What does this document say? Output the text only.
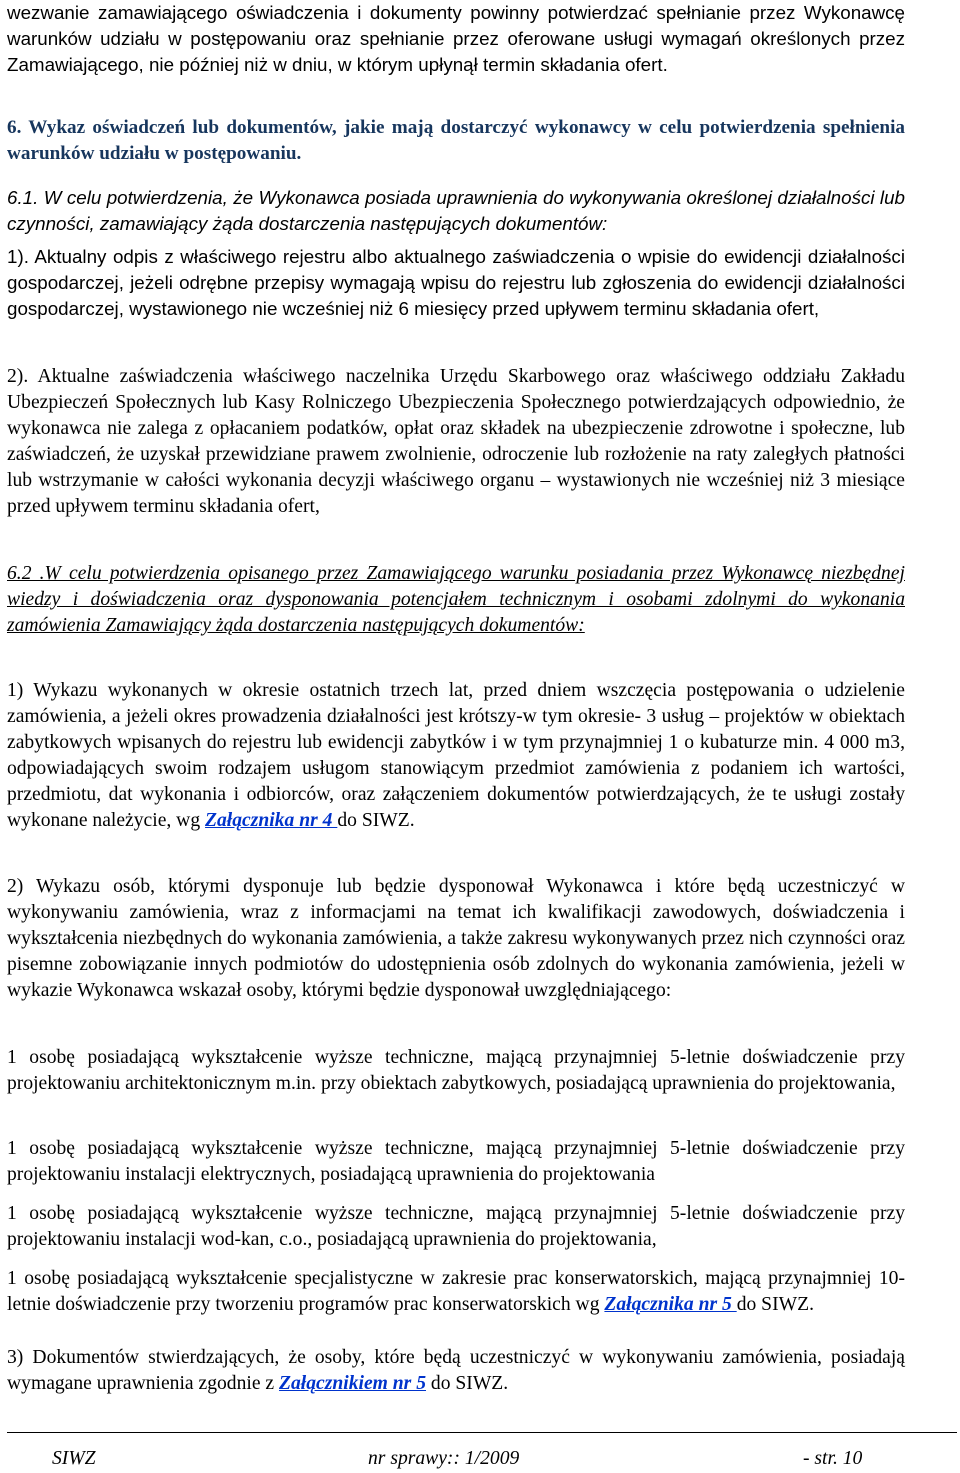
wezwanie zamawiającego oświadczenia i dokumenty powinny potwierdzać spełnianie przez Wykonawcę warunków udziału w postępowaniu oraz spełnianie przez oferowane usługi wymagań określonych przez Zamawiającego, nie później niż w dniu, w którym upłynął termin składania ofert.

6. Wykaz oświadczeń lub dokumentów, jakie mają dostarczyć wykonawcy w celu potwierdzenia spełnienia warunków udziału w postępowaniu.

6.1. W celu potwierdzenia, że Wykonawca posiada uprawnienia do wykonywania określonej działalności lub czynności, zamawiający żąda dostarczenia następujących dokumentów:

1). Aktualny odpis z właściwego rejestru albo aktualnego zaświadczenia o wpisie do ewidencji działalności gospodarczej, jeżeli odrębne przepisy wymagają wpisu do rejestru lub zgłoszenia do ewidencji działalności gospodarczej, wystawionego nie wcześniej niż 6 miesięcy przed upływem terminu składania ofert,

2). Aktualne zaświadczenia właściwego naczelnika Urzędu Skarbowego oraz właściwego oddziału Zakładu Ubezpieczeń Społecznych lub Kasy Rolniczego Ubezpieczenia Społecznego potwierdzających odpowiednio, że wykonawca nie zalega z opłacaniem podatków, opłat oraz składek na ubezpieczenie zdrowotne i społeczne, lub zaświadczeń, że uzyskał przewidziane prawem zwolnienie, odroczenie lub rozłożenie na raty zaległych płatności lub wstrzymanie w całości wykonania decyzji właściwego organu – wystawionych nie wcześniej niż 3 miesiące przed upływem terminu składania ofert,

6.2 .W celu potwierdzenia opisanego przez Zamawiającego warunku posiadania przez Wykonawcę niezbędnej wiedzy i doświadczenia oraz dysponowania potencjałem technicznym i osobami zdolnymi do wykonania zamówienia Zamawiający żąda dostarczenia następujących dokumentów:

1) Wykazu wykonanych w okresie ostatnich trzech lat, przed dniem wszczęcia postępowania o udzielenie zamówienia, a jeżeli okres prowadzenia działalności jest krótszy-w tym okresie- 3 usług – projektów w obiektach zabytkowych wpisanych do rejestru lub ewidencji zabytków i w tym przynajmniej 1 o kubaturze min. 4 000 m3, odpowiadających swoim rodzajem usługom stanowiącym przedmiot zamówienia z podaniem ich wartości, przedmiotu, dat wykonania i odbiorców, oraz załączeniem dokumentów potwierdzających, że te usługi zostały wykonane należycie, wg Załącznika nr 4 do SIWZ.

2) Wykazu osób, którymi dysponuje lub będzie dysponował Wykonawca i które będą uczestniczyć w wykonywaniu zamówienia, wraz z informacjami na temat ich kwalifikacji zawodowych, doświadczenia i wykształcenia niezbędnych do wykonania zamówienia, a także zakresu wykonywanych przez nich czynności oraz pisemne zobowiązanie innych podmiotów do udostępnienia osób zdolnych do wykonania zamówienia, jeżeli w wykazie Wykonawca wskazał osoby, którymi będzie dysponował uwzględniającego:

1 osobę posiadającą wykształcenie wyższe techniczne, mającą przynajmniej 5-letnie doświadczenie przy projektowaniu architektonicznym m.in. przy obiektach zabytkowych, posiadającą uprawnienia do projektowania,

1 osobę posiadającą wykształcenie wyższe techniczne, mającą przynajmniej 5-letnie doświadczenie przy projektowaniu instalacji elektrycznych, posiadającą uprawnienia do projektowania

1 osobę posiadającą wykształcenie wyższe techniczne, mającą przynajmniej 5-letnie doświadczenie przy projektowaniu instalacji wod-kan, c.o., posiadającą uprawnienia do projektowania,

1 osobę posiadającą wykształcenie specjalistyczne w zakresie prac konserwatorskich, mającą przynajmniej 10-letnie doświadczenie przy tworzeniu programów prac konserwatorskich wg Załącznika nr 5 do SIWZ.

3) Dokumentów stwierdzających, że osoby, które będą uczestniczyć w wykonywaniu zamówienia, posiadają wymagane uprawnienia zgodnie z Załącznikiem nr 5 do SIWZ.

SIWZ	nr sprawy:: 1/2009	- str. 10
